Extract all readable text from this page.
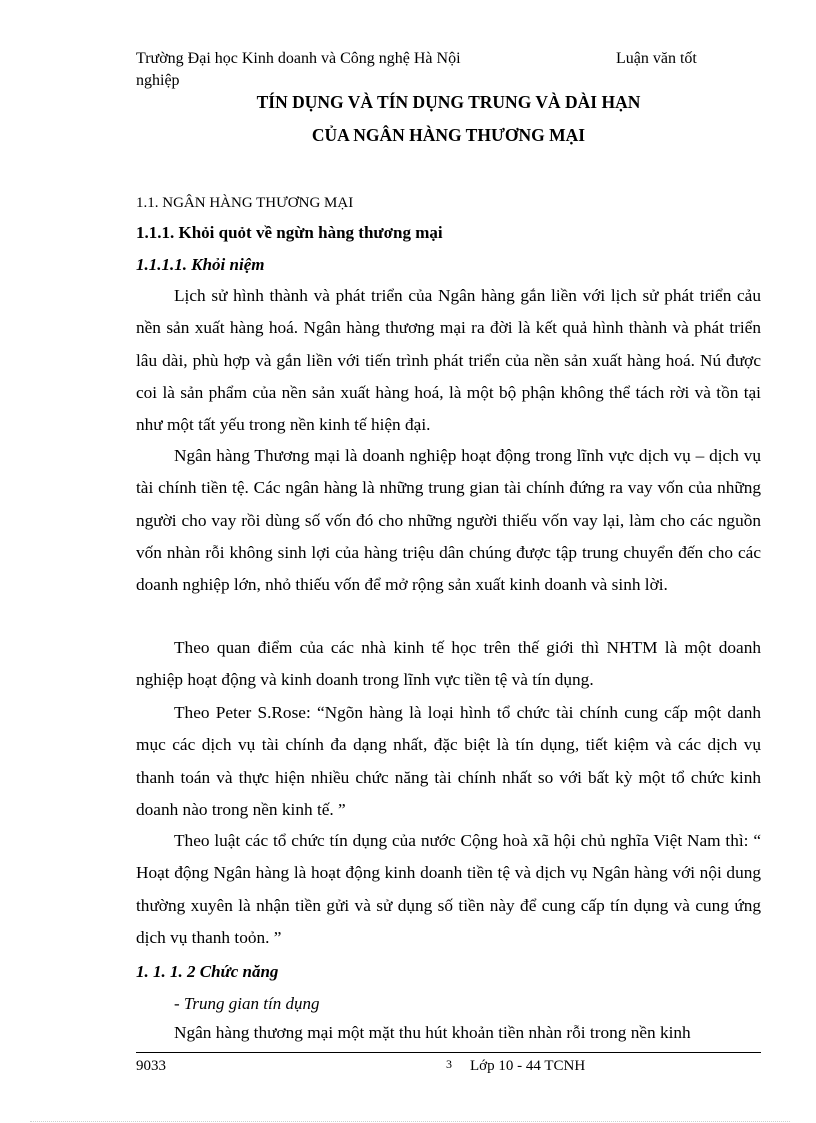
Trường Đại học Kinh doanh và Công nghệ Hà Nội	Luận văn tốt
nghiệp
TÍN DỤNG VÀ TÍN DỤNG TRUNG VÀ DÀI HẠN
CỦA NGÂN HÀNG THƯƠNG MẠI
1.1. NGÂN HÀNG THƯƠNG MẠI
1.1.1. Khỏi quỏt về ngừn hàng thương mại
1.1.1.1. Khỏi niệm

Lịch sử hình thành và phát triển của Ngân hàng gắn liền với lịch sử phát triển cảu nền sản xuất hàng hoá. Ngân hàng thương mại ra đời là kết quả hình thành và phát triển lâu dài, phù hợp và gắn liền với tiến trình phát triển của nền sản xuất hàng hoá. Nú được coi là sản phẩm của nền sản xuất hàng hoá, là một bộ phận không thể tách rời và tồn tại như một tất yếu trong nền kinh tế hiện đại.

Ngân hàng Thương mại là doanh nghiệp hoạt động trong lĩnh vực dịch vụ – dịch vụ tài chính tiền tệ. Các ngân hàng là những trung gian tài chính đứng ra vay vốn của những người cho vay rồi dùng số vốn đó cho những người thiếu vốn vay lại, làm cho các nguồn vốn nhàn rỗi không sinh lợi của hàng triệu dân chúng được tập trung chuyển đến cho các doanh nghiệp lớn, nhỏ thiếu vốn để mở rộng sản xuất kinh doanh và sinh lời.

Theo quan điểm của các nhà kinh tế học trên thế giới thì NHTM là một doanh nghiệp hoạt động và kinh doanh trong lĩnh vực tiền tệ và tín dụng.

Theo Peter S.Rose: “Ngõn hàng là loại hình tổ chức tài chính cung cấp một danh mục các dịch vụ tài chính đa dạng nhất, đặc biệt là tín dụng, tiết kiệm và các dịch vụ thanh toán và thực hiện nhiều chức năng tài chính nhất so với bất kỳ một tổ chức kinh doanh nào trong nền kinh tế. ”

Theo luật các tổ chức tín dụng của nước Cộng hoà xã hội chủ nghĩa Việt Nam thì: “ Hoạt động Ngân hàng là hoạt động kinh doanh tiền tệ và dịch vụ Ngân hàng với nội dung thường xuyên là nhận tiền gửi và sử dụng số tiền này để cung cấp tín dụng và cung ứng dịch vụ thanh toỏn. ”

1. 1. 1. 2 Chức năng
- Trung gian tín dụng

Ngân hàng thương mại một mặt thu hút khoản tiền nhàn rỗi trong nền kinh

9033	3 Lớp 10 - 44 TCNH
